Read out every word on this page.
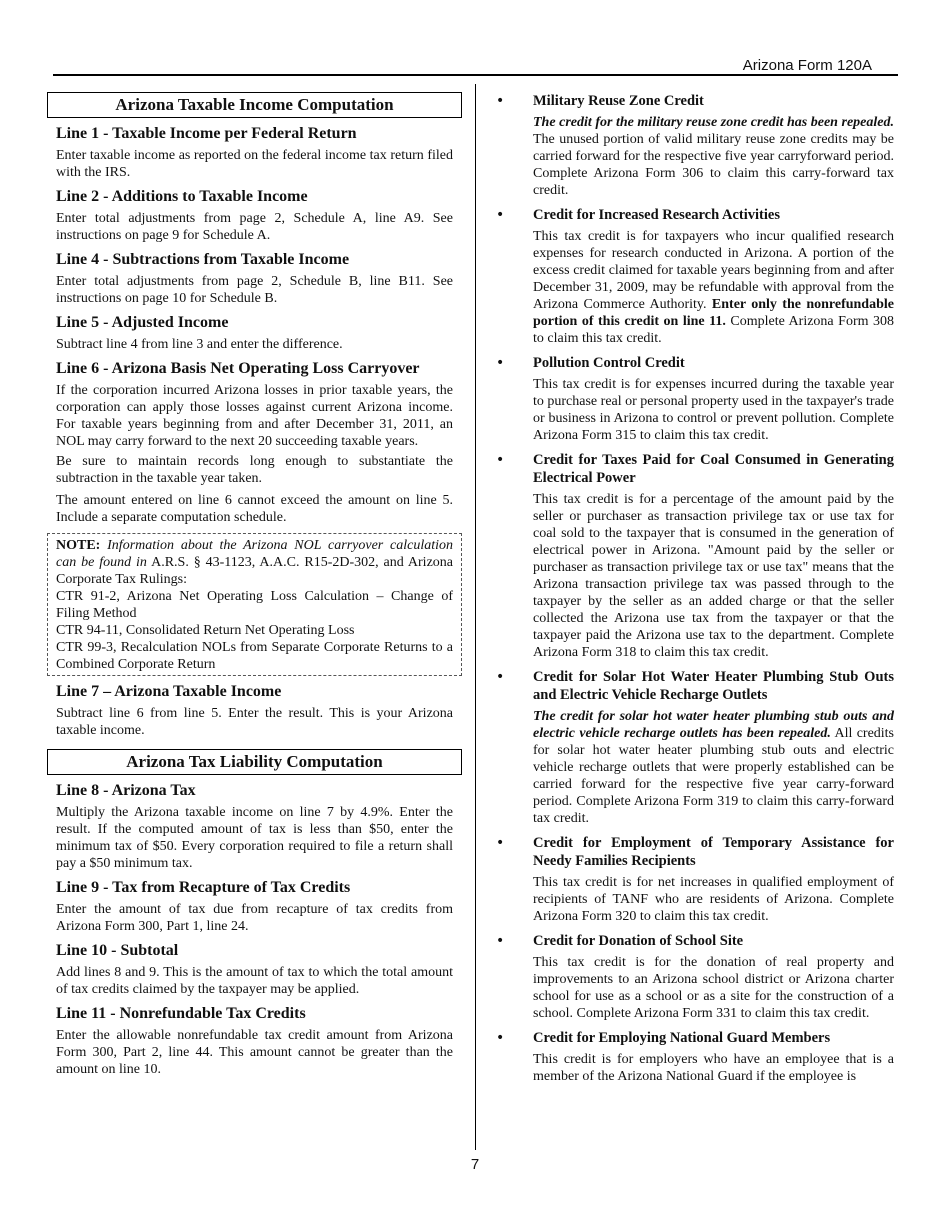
Arizona Form 120A
Arizona Taxable Income Computation
Line 1 - Taxable Income per Federal Return

Enter taxable income as reported on the federal income tax return filed with the IRS.

Line 2 - Additions to Taxable Income

Enter total adjustments from page 2, Schedule A, line A9. See instructions on page 9 for Schedule A.

Line 4 - Subtractions from Taxable Income

Enter total adjustments from page 2, Schedule B, line B11. See instructions on page 10 for Schedule B.

Line 5 - Adjusted Income

Subtract line 4 from line 3 and enter the difference.

Line 6 - Arizona Basis Net Operating Loss Carryover

If the corporation incurred Arizona losses in prior taxable years, the corporation can apply those losses against current Arizona income. For taxable years beginning from and after December 31, 2011, an NOL may carry forward to the next 20 succeeding taxable years.

Be sure to maintain records long enough to substantiate the subtraction in the taxable year taken.

The amount entered on line 6 cannot exceed the amount on line 5. Include a separate computation schedule.

NOTE: Information about the Arizona NOL carryover calculation can be found in A.R.S. § 43-1123, A.A.C. R15-2D-302, and Arizona Corporate Tax Rulings:

CTR 91-2, Arizona Net Operating Loss Calculation – Change of Filing Method

CTR 94-11, Consolidated Return Net Operating Loss

CTR 99-3, Recalculation NOLs from Separate Corporate Returns to a Combined Corporate Return

Line 7 – Arizona Taxable Income

Subtract line 6 from line 5. Enter the result. This is your Arizona taxable income.

Arizona Tax Liability Computation
Line 8 - Arizona Tax

Multiply the Arizona taxable income on line 7 by 4.9%. Enter the result. If the computed amount of tax is less than $50, enter the minimum tax of $50. Every corporation required to file a return shall pay a $50 minimum tax.

Line 9 - Tax from Recapture of Tax Credits

Enter the amount of tax due from recapture of tax credits from Arizona Form 300, Part 1, line 24.

Line 10 - Subtotal

Add lines 8 and 9. This is the amount of tax to which the total amount of tax credits claimed by the taxpayer may be applied.

Line 11 - Nonrefundable Tax Credits

Enter the allowable nonrefundable tax credit amount from Arizona Form 300, Part 2, line 44. This amount cannot be greater than the amount on line 10.

• Military Reuse Zone Credit

The credit for the military reuse zone credit has been repealed. The unused portion of valid military reuse zone credits may be carried forward for the respective five year carryforward period. Complete Arizona Form 306 to claim this carry-forward tax credit.

• Credit for Increased Research Activities

This tax credit is for taxpayers who incur qualified research expenses for research conducted in Arizona. A portion of the excess credit claimed for taxable years beginning from and after December 31, 2009, may be refundable with approval from the Arizona Commerce Authority. Enter only the nonrefundable portion of this credit on line 11. Complete Arizona Form 308 to claim this tax credit.

• Pollution Control Credit

This tax credit is for expenses incurred during the taxable year to purchase real or personal property used in the taxpayer's trade or business in Arizona to control or prevent pollution. Complete Arizona Form 315 to claim this tax credit.

• Credit for Taxes Paid for Coal Consumed in Generating Electrical Power

This tax credit is for a percentage of the amount paid by the seller or purchaser as transaction privilege tax or use tax for coal sold to the taxpayer that is consumed in the generation of electrical power in Arizona. "Amount paid by the seller or purchaser as transaction privilege tax or use tax" means that the Arizona transaction privilege tax was passed through to the taxpayer by the seller as an added charge or that the seller collected the Arizona use tax from the taxpayer or that the taxpayer paid the Arizona use tax to the department. Complete Arizona Form 318 to claim this tax credit.

• Credit for Solar Hot Water Heater Plumbing Stub Outs and Electric Vehicle Recharge Outlets

The credit for solar hot water heater plumbing stub outs and electric vehicle recharge outlets has been repealed. All credits for solar hot water heater plumbing stub outs and electric vehicle recharge outlets that were properly established can be carried forward for the respective five year carry-forward period. Complete Arizona Form 319 to claim this carry-forward tax credit.

• Credit for Employment of Temporary Assistance for Needy Families Recipients

This tax credit is for net increases in qualified employment of recipients of TANF who are residents of Arizona. Complete Arizona Form 320 to claim this tax credit.

• Credit for Donation of School Site

This tax credit is for the donation of real property and improvements to an Arizona school district or Arizona charter school for use as a school or as a site for the construction of a school. Complete Arizona Form 331 to claim this tax credit.

• Credit for Employing National Guard Members

This credit is for employers who have an employee that is a member of the Arizona National Guard if the employee is

7
